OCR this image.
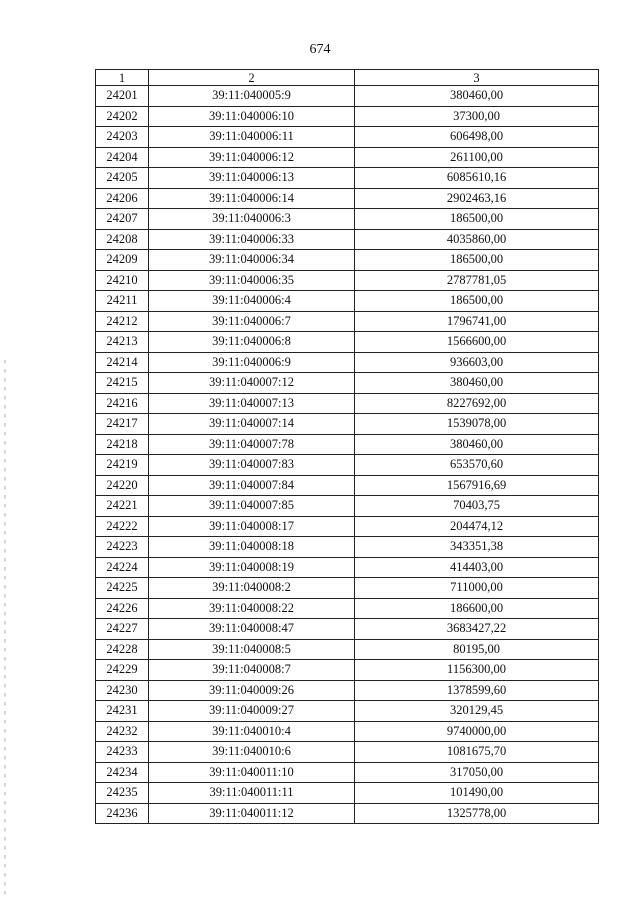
674
1	2	3
24201	39:11:040005:9	380460,00
24202	39:11:040006:10	37300,00
24203	39:11:040006:11	606498,00
24204	39:11:040006:12	261100,00
24205	39:11:040006:13	6085610,16
24206	39:11:040006:14	2902463,16
24207	39:11:040006:3	186500,00
24208	39:11:040006:33	4035860,00
24209	39:11:040006:34	186500,00
24210	39:11:040006:35	2787781,05
24211	39:11:040006:4	186500,00
24212	39:11:040006:7	1796741,00
24213	39:11:040006:8	1566600,00
24214	39:11:040006:9	936603,00
24215	39:11:040007:12	380460,00
24216	39:11:040007:13	8227692,00
24217	39:11:040007:14	1539078,00
24218	39:11:040007:78	380460,00
24219	39:11:040007:83	653570,60
24220	39:11:040007:84	1567916,69
24221	39:11:040007:85	70403,75
24222	39:11:040008:17	204474,12
24223	39:11:040008:18	343351,38
24224	39:11:040008:19	414403,00
24225	39:11:040008:2	711000,00
24226	39:11:040008:22	186600,00
24227	39:11:040008:47	3683427,22
24228	39:11:040008:5	80195,00
24229	39:11:040008:7	1156300,00
24230	39:11:040009:26	1378599,60
24231	39:11:040009:27	320129,45
24232	39:11:040010:4	9740000,00
24233	39:11:040010:6	1081675,70
24234	39:11:040011:10	317050,00
24235	39:11:040011:11	101490,00
24236	39:11:040011:12	1325778,00
